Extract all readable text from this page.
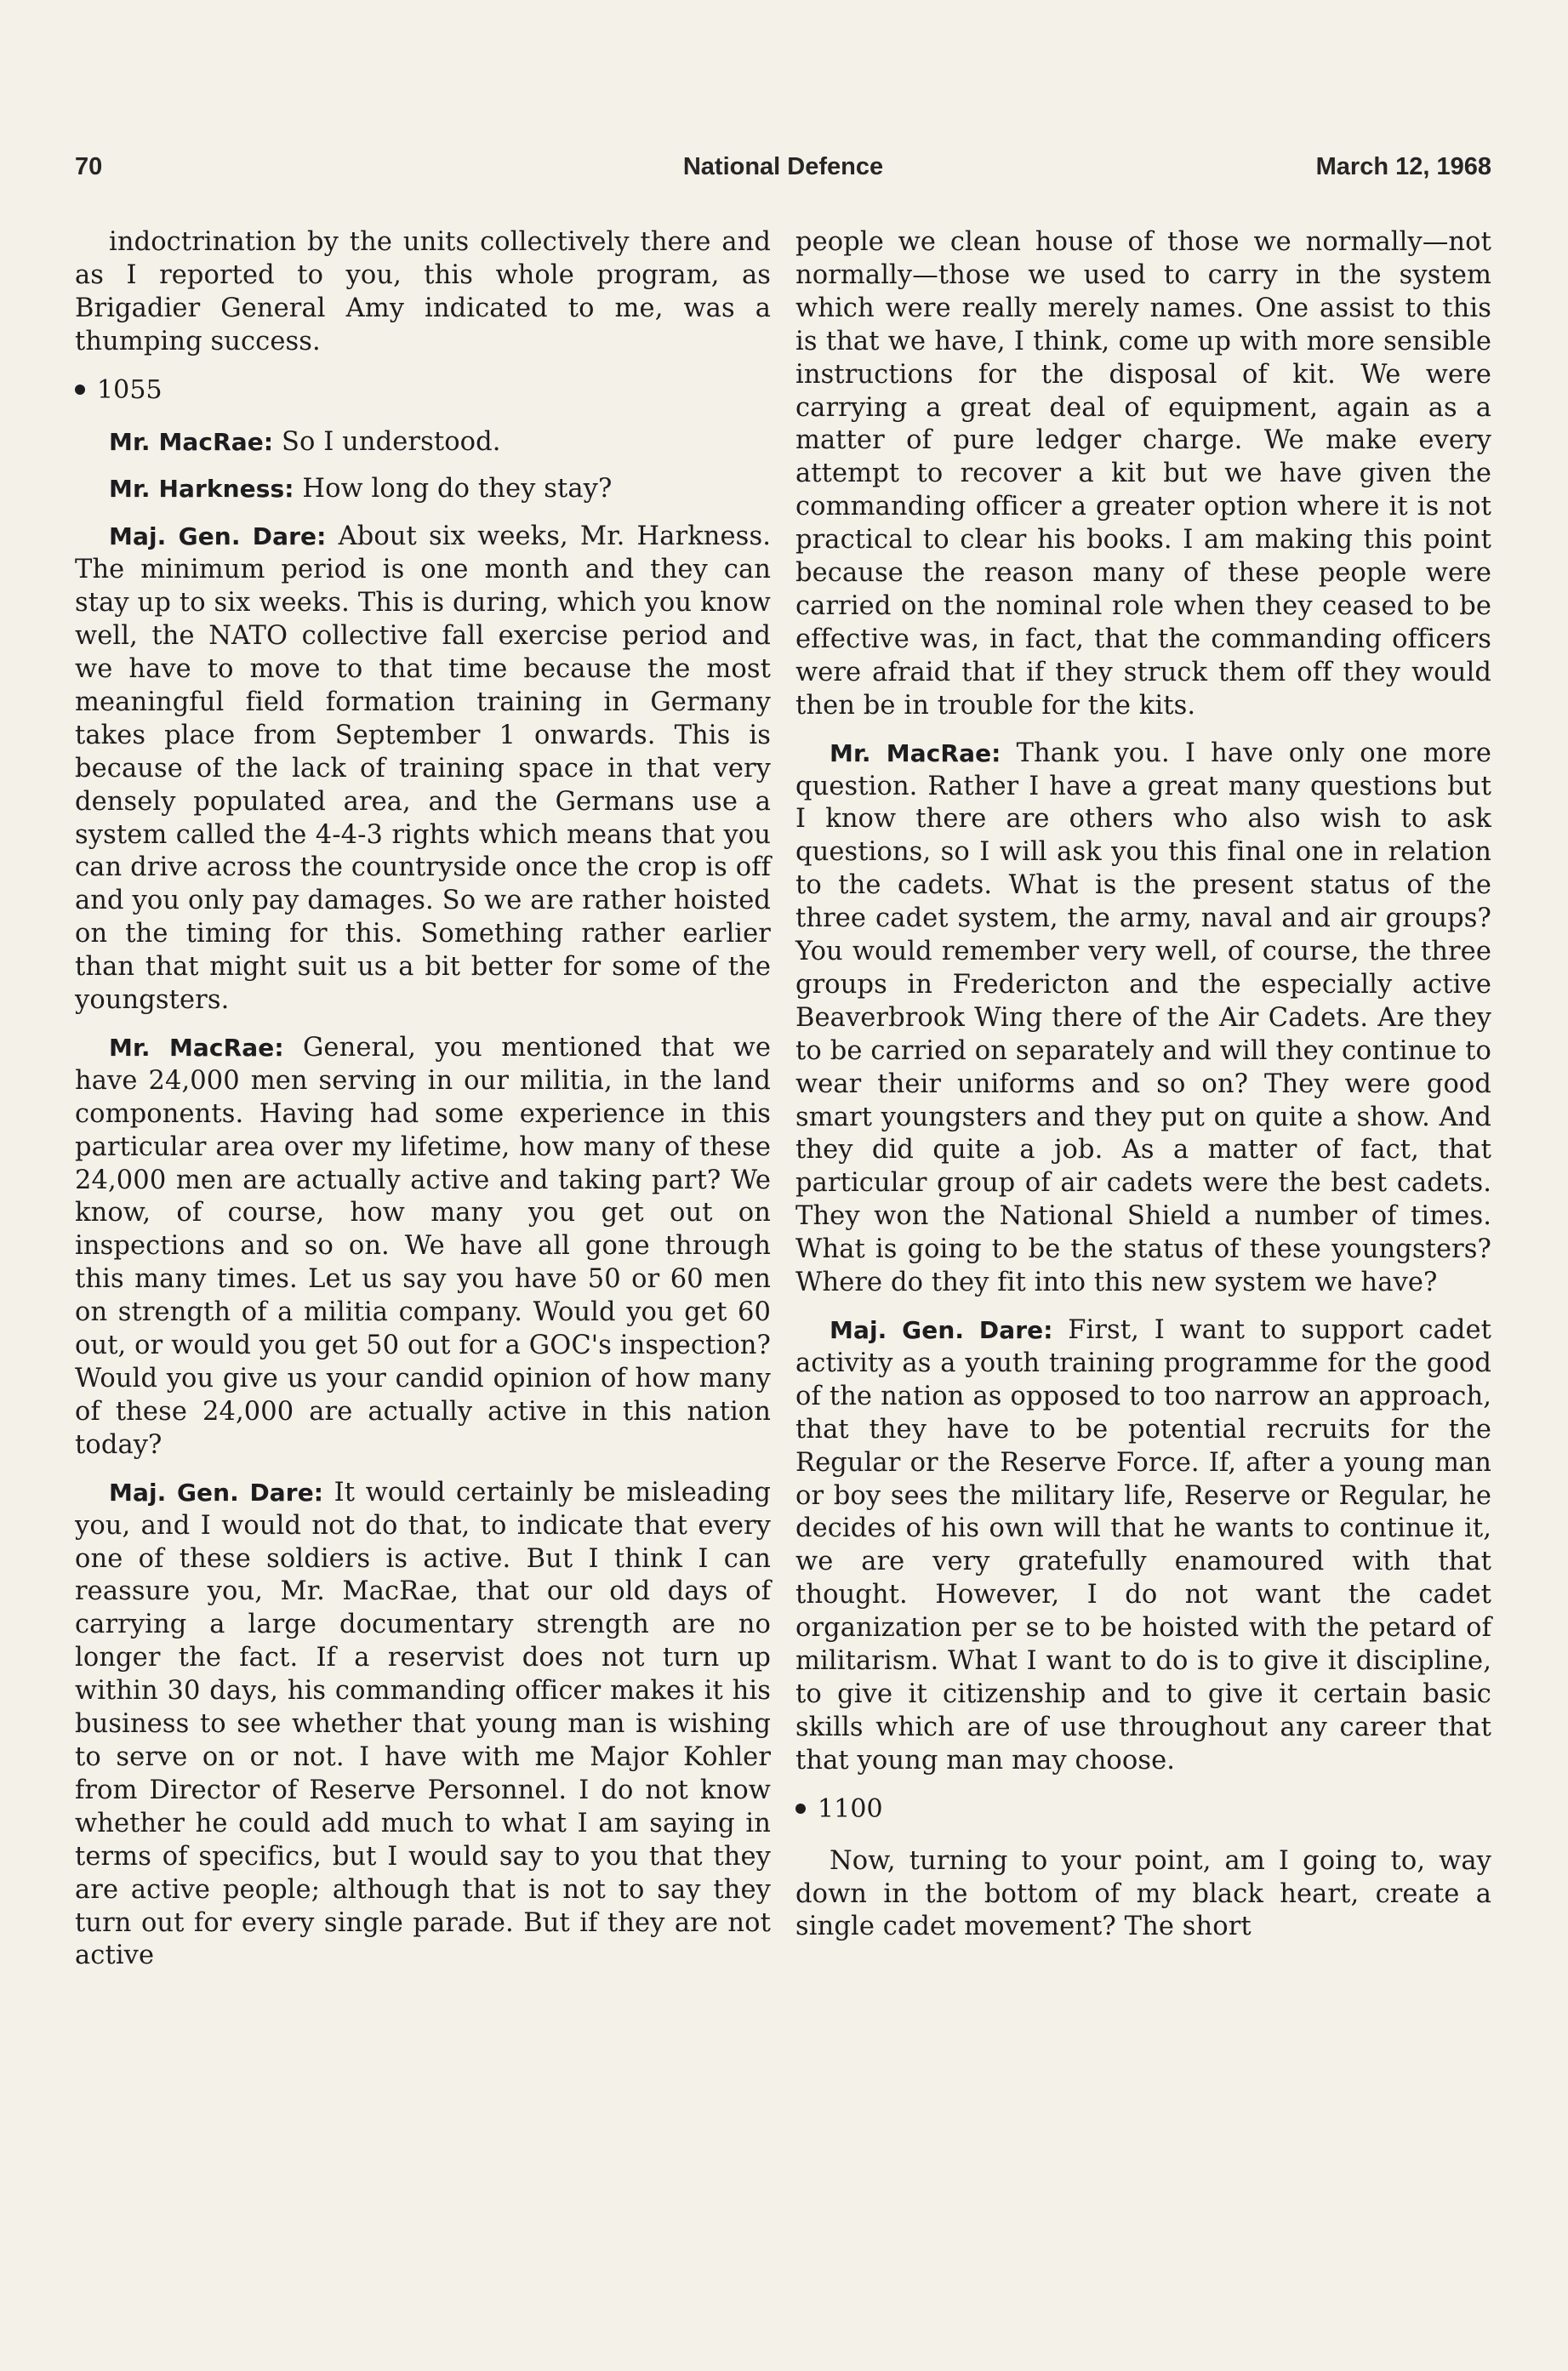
70	National Defence	March 12, 1968

indoctrination by the units collectively there and as I reported to you, this whole program, as Brigadier General Amy indicated to me, was a thumping success.

1055

Mr. MacRae: So I understood.

Mr. Harkness: How long do they stay?

Maj. Gen. Dare: About six weeks, Mr. Harkness. The minimum period is one month and they can stay up to six weeks. This is during, which you know well, the NATO collective fall exercise period and we have to move to that time because the most meaningful field formation training in Germany takes place from September 1 onwards. This is because of the lack of training space in that very densely populated area, and the Germans use a system called the 4-4-3 rights which means that you can drive across the countryside once the crop is off and you only pay damages. So we are rather hoisted on the timing for this. Something rather earlier than that might suit us a bit better for some of the youngsters.

Mr. MacRae: General, you mentioned that we have 24,000 men serving in our militia, in the land components. Having had some experience in this particular area over my lifetime, how many of these 24,000 men are actually active and taking part? We know, of course, how many you get out on inspections and so on. We have all gone through this many times. Let us say you have 50 or 60 men on strength of a militia company. Would you get 60 out, or would you get 50 out for a GOC's inspection? Would you give us your candid opinion of how many of these 24,000 are actually active in this nation today?

Maj. Gen. Dare: It would certainly be misleading you, and I would not do that, to indicate that every one of these soldiers is active. But I think I can reassure you, Mr. MacRae, that our old days of carrying a large documentary strength are no longer the fact. If a reservist does not turn up within 30 days, his commanding officer makes it his business to see whether that young man is wishing to serve on or not. I have with me Major Kohler from Director of Reserve Personnel. I do not know whether he could add much to what I am saying in terms of specifics, but I would say to you that they are active people; although that is not to say they turn out for every single parade. But if they are not active

people we clean house of those we normally—not normally—those we used to carry in the system which were really merely names. One assist to this is that we have, I think, come up with more sensible instructions for the disposal of kit. We were carrying a great deal of equipment, again as a matter of pure ledger charge. We make every attempt to recover a kit but we have given the commanding officer a greater option where it is not practical to clear his books. I am making this point because the reason many of these people were carried on the nominal role when they ceased to be effective was, in fact, that the commanding officers were afraid that if they struck them off they would then be in trouble for the kits.

Mr. MacRae: Thank you. I have only one more question. Rather I have a great many questions but I know there are others who also wish to ask questions, so I will ask you this final one in relation to the cadets. What is the present status of the three cadet system, the army, naval and air groups? You would remember very well, of course, the three groups in Fredericton and the especially active Beaverbrook Wing there of the Air Cadets. Are they to be carried on separately and will they continue to wear their uniforms and so on? They were good smart youngsters and they put on quite a show. And they did quite a job. As a matter of fact, that particular group of air cadets were the best cadets. They won the National Shield a number of times. What is going to be the status of these youngsters? Where do they fit into this new system we have?

Maj. Gen. Dare: First, I want to support cadet activity as a youth training programme for the good of the nation as opposed to too narrow an approach, that they have to be potential recruits for the Regular or the Reserve Force. If, after a young man or boy sees the military life, Reserve or Regular, he decides of his own will that he wants to continue it, we are very gratefully enamoured with that thought. However, I do not want the cadet organization per se to be hoisted with the petard of militarism. What I want to do is to give it discipline, to give it citizenship and to give it certain basic skills which are of use throughout any career that that young man may choose.

1100

Now, turning to your point, am I going to, way down in the bottom of my black heart, create a single cadet movement? The short
